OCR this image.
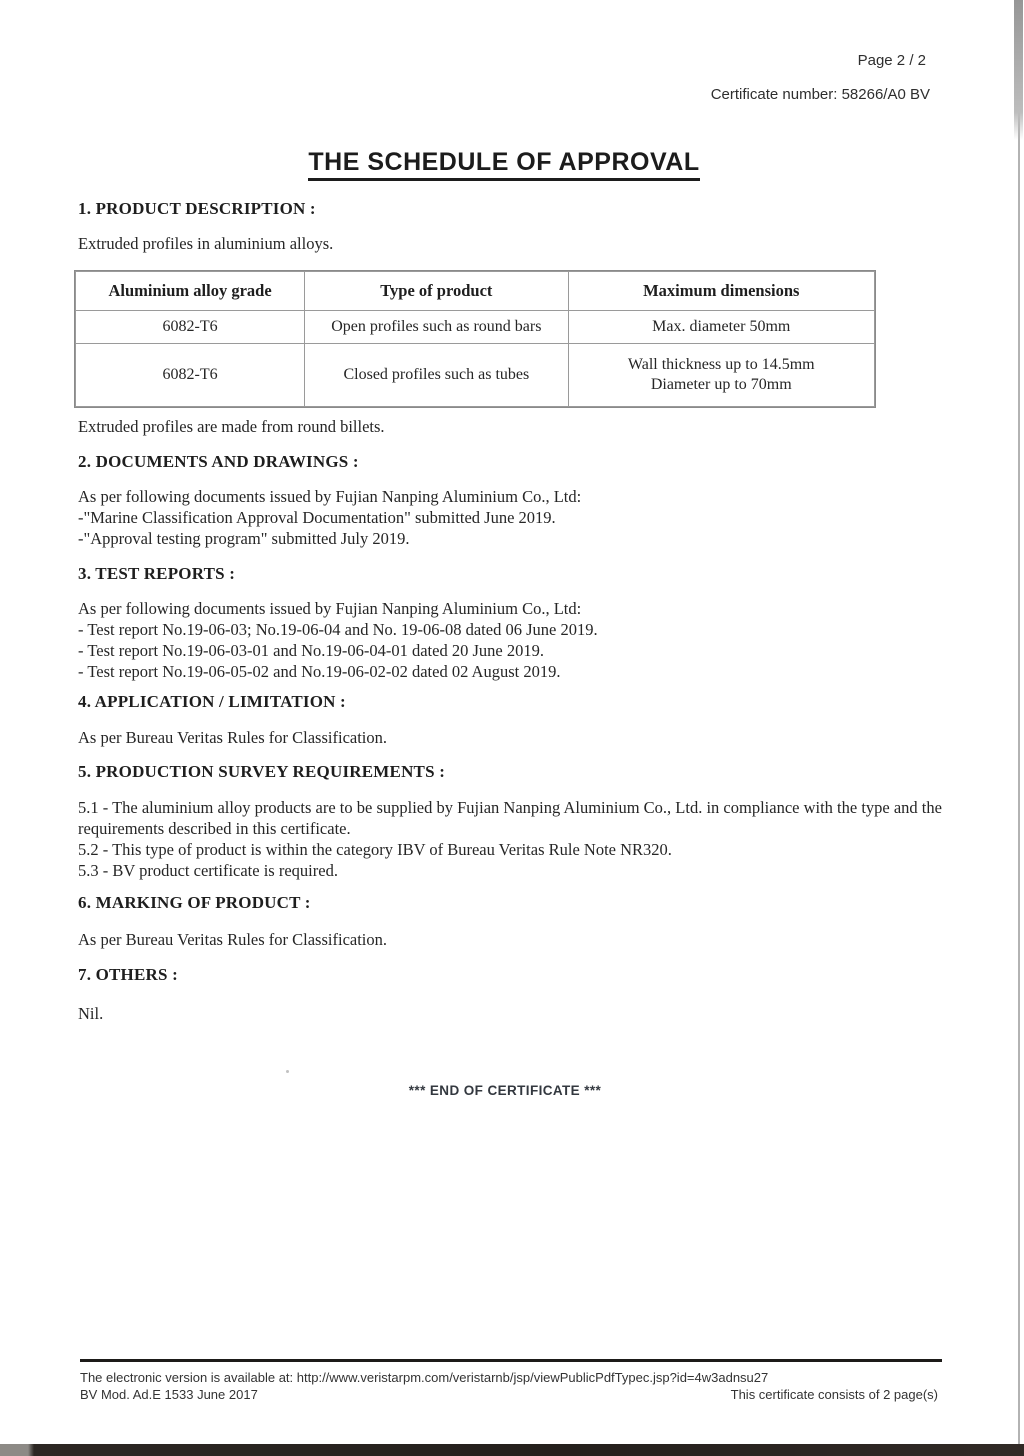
Page 2 / 2
Certificate number: 58266/A0 BV
THE SCHEDULE OF APPROVAL
1. PRODUCT DESCRIPTION :
Extruded profiles in aluminium alloys.
Aluminium alloy grade	Type of product	Maximum dimensions
6082-T6	Open profiles such as round bars	Max. diameter 50mm
6082-T6	Closed profiles such as tubes	Wall thickness up to 14.5mm
Diameter up to 70mm
Extruded profiles are made from round billets.
2. DOCUMENTS AND DRAWINGS :
As per following documents issued by Fujian Nanping Aluminium Co., Ltd:
-"Marine Classification Approval Documentation" submitted June 2019.
-"Approval testing program" submitted July 2019.
3. TEST REPORTS :
As per following documents issued by Fujian Nanping Aluminium Co., Ltd:
- Test report No.19-06-03; No.19-06-04 and No. 19-06-08 dated 06 June 2019.
- Test report No.19-06-03-01 and No.19-06-04-01 dated 20 June 2019.
- Test report No.19-06-05-02 and No.19-06-02-02 dated 02 August 2019.
4. APPLICATION / LIMITATION :
As per Bureau Veritas Rules for Classification.
5. PRODUCTION SURVEY REQUIREMENTS :
5.1 - The aluminium alloy products are to be supplied by Fujian Nanping Aluminium Co., Ltd. in compliance with the type and the requirements described in this certificate.
5.2 - This type of product is within the category IBV of Bureau Veritas Rule Note NR320.
5.3 - BV product certificate is required.
6. MARKING OF PRODUCT :
As per Bureau Veritas Rules for Classification.
7. OTHERS :
Nil.
*** END OF CERTIFICATE ***
The electronic version is available at: http://www.veristarpm.com/veristarnb/jsp/viewPublicPdfTypec.jsp?id=4w3adnsu27
BV Mod. Ad.E 1533 June 2017	This certificate consists of 2 page(s)
